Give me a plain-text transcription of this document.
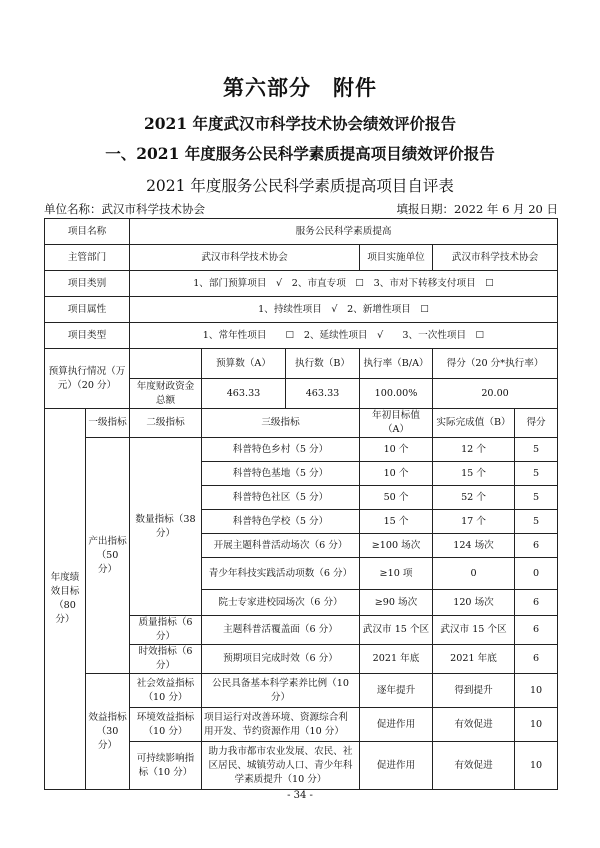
第六部分 附件
2021 年度武汉市科学技术协会绩效评价报告
一、2021 年度服务公民科学素质提高项目绩效评价报告
2021 年度服务公民科学素质提高项目自评表
单位名称：武汉市科学技术协会	填报日期：2022 年 6 月 20 日
项目名称		服务公民科学素质提高					
主管部门		武汉市科学技术协会			项目实施单位	武汉市科学技术协会	
项目类别		1、部门预算项目　√　2、市直专项　☐　3、市对下转移支付项目　☐					
项目属性		1、持续性项目　√　2、新增性项目　☐					
项目类型		1、常年性项目　　☐　2、延续性项目　√　　3、一次性项目　☐					
预算执行情况（万元）（20 分）			预算数（A）	执行数（B）	执行率（B/A）	得分（20 分*执行率）	
		年度财政资金总额	463.33	463.33	100.00%	20.00	
年度绩效目标（80 分）	一级指标	二级指标	三级指标		年初目标值（A）	实际完成值（B）	得分
	产出指标（50 分）	数量指标（38 分）	科普特色乡村（5 分）		10 个	12 个	5
			科普特色基地（5 分）		10 个	15 个	5
			科普特色社区（5 分）		50 个	52 个	5
			科普特色学校（5 分）		15 个	17 个	5
			开展主题科普活动场次（6 分）		≥100 场次	124 场次	6
			青少年科技实践活动项数（6 分）		≥10 项	0	0
			院士专家进校园场次（6 分）		≥90 场次	120 场次	6
		质量指标（6 分）	主题科普活覆盖面（6 分）		武汉市 15 个区	武汉市 15 个区	6
		时效指标（6 分）	预期项目完成时效（6 分）		2021 年底	2021 年底	6
	效益指标（30 分）	社会效益指标（10 分）	公民具备基本科学素养比例（10 分）		逐年提升	得到提升	10
		环境效益指标（10 分）	项目运行对改善环境、资源综合利用开发、节约资源作用（10 分）		促进作用	有效促进	10
		可持续影响指标（10 分）	助力我市都市农业发展、农民、社区居民、城镇劳动人口、青少年科学素质提升（10 分）		促进作用	有效促进	10
- 34 -
